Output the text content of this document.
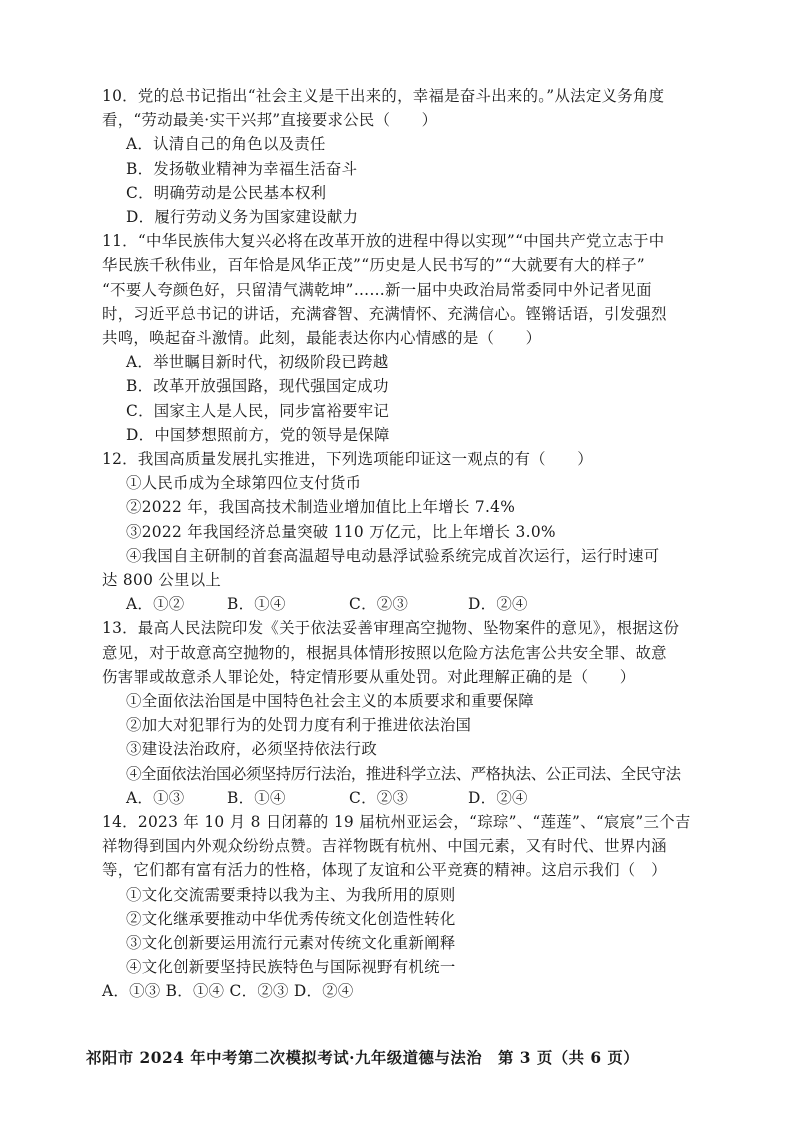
10．党的总书记指出“社会主义是干出来的，幸福是奋斗出来的。”从法定义务角度
看，“劳动最美·实干兴邦”直接要求公民（　　）
A．认清自己的角色以及责任
B．发扬敬业精神为幸福生活奋斗
C．明确劳动是公民基本权利
D．履行劳动义务为国家建设献力
11．“中华民族伟大复兴必将在改革开放的进程中得以实现”“中国共产党立志于中
华民族千秋伟业，百年恰是风华正茂”“历史是人民书写的”“大就要有大的样子”
“不要人夸颜色好，只留清气满乾坤”……新一届中央政治局常委同中外记者见面
时，习近平总书记的讲话，充满睿智、充满情怀、充满信心。铿锵话语，引发强烈
共鸣，唤起奋斗激情。此刻，最能表达你内心情感的是（　　）
A．举世瞩目新时代，初级阶段已跨越
B．改革开放强国路，现代强国定成功
C．国家主人是人民，同步富裕要牢记
D．中国梦想照前方，党的领导是保障
12．我国高质量发展扎实推进，下列选项能印证这一观点的有（　　）
①人民币成为全球第四位支付货币
②2022 年，我国高技术制造业增加值比上年增长 7.4%
③2022 年我国经济总量突破 110 万亿元，比上年增长 3.0%
④我国自主研制的首套高温超导电动悬浮试验系统完成首次运行，运行时速可
达 800 公里以上
A．①②	B．①④	C．②③	D．②④
13．最高人民法院印发《关于依法妥善审理高空抛物、坠物案件的意见》，根据这份
意见，对于故意高空抛物的，根据具体情形按照以危险方法危害公共安全罪、故意
伤害罪或故意杀人罪论处，特定情形要从重处罚。对此理解正确的是（　　）
①全面依法治国是中国特色社会主义的本质要求和重要保障
②加大对犯罪行为的处罚力度有利于推进依法治国
③建设法治政府，必须坚持依法行政
④全面依法治国必须坚持厉行法治，推进科学立法、严格执法、公正司法、全民守法
A．①③	B．①④	C．②③	D．②④
14．2023 年 10 月 8 日闭幕的 19 届杭州亚运会，“琮琮”、“莲莲”、“宸宸”三个吉
祥物得到国内外观众纷纷点赞。吉祥物既有杭州、中国元素，又有时代、世界内涵
等，它们都有富有活力的性格，体现了友谊和公平竞赛的精神。这启示我们（　）
①文化交流需要秉持以我为主、为我所用的原则
②文化继承要推动中华优秀传统文化创造性转化
③文化创新要运用流行元素对传统文化重新阐释
④文化创新要坚持民族特色与国际视野有机统一
A．①③ B．①④ C．②③ D．②④
祁阳市 2024 年中考第二次模拟考试·九年级道德与法治　第 3 页（共 6 页）
